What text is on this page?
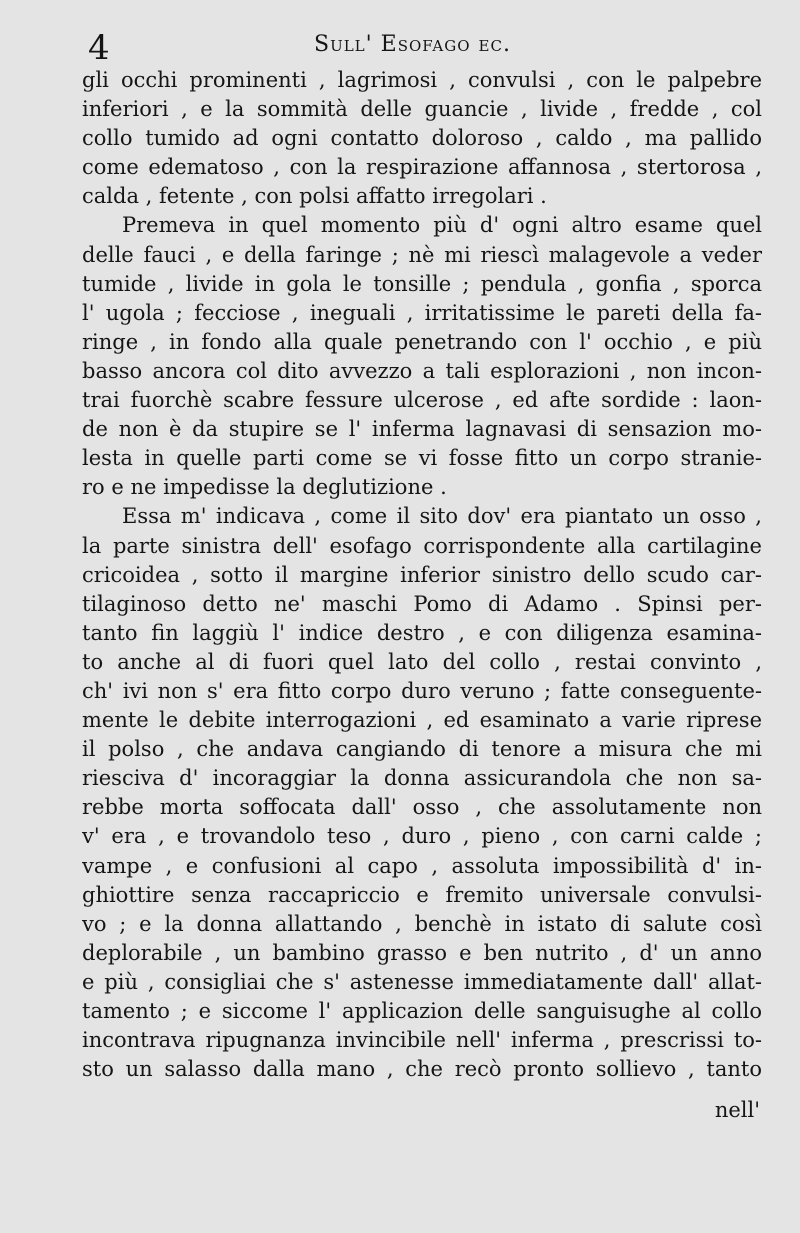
4	Sull' Esofago ec.
gli occhi prominenti , lagrimosi , convulsi , con le palpebre
inferiori , e la sommità delle guancie , livide , fredde , col
collo tumido ad ogni contatto doloroso , caldo , ma pallido
come edematoso , con la respirazione affannosa , stertorosa ,
calda , fetente , con polsi affatto irregolari .
Premeva in quel momento più d' ogni altro esame quel
delle fauci , e della faringe ; nè mi riescì malagevole a veder
tumide , livide in gola le tonsille ; pendula , gonfia , sporca
l' ugola ; fecciose , ineguali , irritatissime le pareti della fa-
ringe , in fondo alla quale penetrando con l' occhio , e più
basso ancora col dito avvezzo a tali esplorazioni , non incon-
trai fuorchè scabre fessure ulcerose , ed afte sordide : laon-
de non è da stupire se l' inferma lagnavasi di sensazion mo-
lesta in quelle parti come se vi fosse fitto un corpo stranie-
ro e ne impedisse la deglutizione .
Essa m' indicava , come il sito dov' era piantato un osso ,
la parte sinistra dell' esofago corrispondente alla cartilagine
cricoidea , sotto il margine inferior sinistro dello scudo car-
tilaginoso detto ne' maschi Pomo di Adamo . Spinsi per-
tanto fin laggiù l' indice destro , e con diligenza esamina-
to anche al di fuori quel lato del collo , restai convinto ,
ch' ivi non s' era fitto corpo duro veruno ; fatte conseguente-
mente le debite interrogazioni , ed esaminato a varie riprese
il polso , che andava cangiando di tenore a misura che mi
riesciva d' incoraggiar la donna assicurandola che non sa-
rebbe morta soffocata dall' osso , che assolutamente non
v' era , e trovandolo teso , duro , pieno , con carni calde ;
vampe , e confusioni al capo , assoluta impossibilità d' in-
ghiottire senza raccapriccio e fremito universale convulsi-
vo ; e la donna allattando , benchè in istato di salute così
deplorabile , un bambino grasso e ben nutrito , d' un anno
e più , consigliai che s' astenesse immediatamente dall' allat-
tamento ; e siccome l' applicazion delle sanguisughe al collo
incontrava ripugnanza invincibile nell' inferma , prescrissi to-
sto un salasso dalla mano , che recò pronto sollievo , tanto
nell'
